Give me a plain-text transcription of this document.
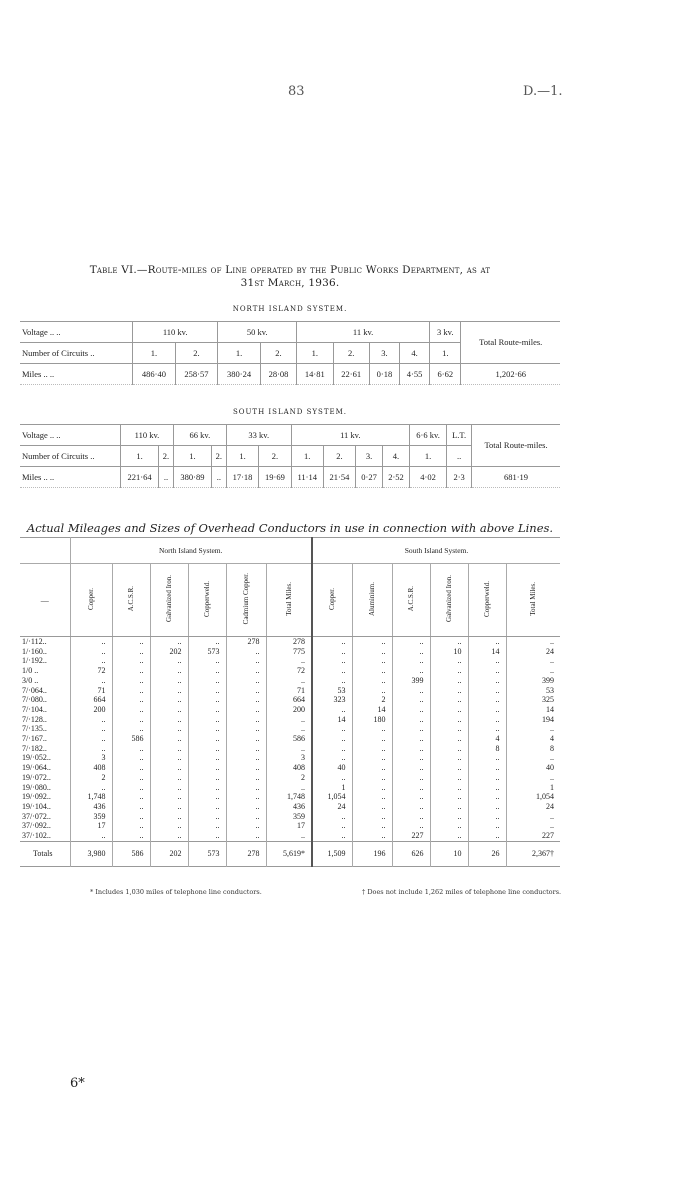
83	D.—1.
Table VI.—Route-miles of Line operated by the Public Works Department, as at
31st March, 1936.
NORTH ISLAND SYSTEM.
Voltage .. ..	110 kv.		50 kv.		11 kv.				3 kv.	Total Route-miles.
Number of Circuits ..	1.	2.	1.	2.	1.	2.	3.	4.	1.	
Miles .. ..	486·40	258·57	380·24	28·08	14·81	22·61	0·18	4·55	6·62	1,202·66
SOUTH ISLAND SYSTEM.
Voltage .. ..	110 kv.		66 kv.		33 kv.		11 kv.				6·6 kv.	L.T.	Total Route-miles.
Number of Circuits ..	1.	2.	1.	2.	1.	2.	1.	2.	3.	4.	1.	..	
Miles .. ..	221·64	..	380·89	..	17·18	19·69	11·14	21·54	0·27	2·52	4·02	2·3	681·19
Actual Mileages and Sizes of Overhead Conductors in use in connection with above Lines.
	North Island System.						South Island System.					
—	Copper.	A.C.S.R.	Galvanized Iron.	Copperweld.	Cadmium Copper.	Total Miles.	Copper.	Aluminium.	A.C.S.R.	Galvanized Iron.	Copperweld.	Total Miles.
1/·112..	..	..	..	..	278	278	..	..	..	..	..	..
1/·160..	..	..	202	573	..	775	..	..	..	10	14	24
1/·192..	..	..	..	..	..	..	..	..	..	..	..	..
1/0 ..	72	..	..	..	..	72	..	..	..	..	..	..
3/0 ..	..	..	..	..	..	..	..	..	399	..	..	399
7/·064..	71	..	..	..	..	71	53	..	..	..	..	53
7/·080..	664	..	..	..	..	664	323	2	..	..	..	325
7/·104..	200	..	..	..	..	200	..	14	..	..	..	14
7/·128..	..	..	..	..	..	..	14	180	..	..	..	194
7/·135..	..	..	..	..	..	..	..	..	..	..	..	..
7/·167..	..	586	..	..	..	586	..	..	..	..	4	4
7/·182..	..	..	..	..	..	..	..	..	..	..	8	8
19/·052..	3	..	..	..	..	3	..	..	..	..	..	..
19/·064..	408	..	..	..	..	408	40	..	..	..	..	40
19/·072..	2	..	..	..	..	2	..	..	..	..	..	..
19/·080..	..	..	..	..	..	..	1	..	..	..	..	1
19/·092..	1,748	..	..	..	..	1,748	1,054	..	..	..	..	1,054
19/·104..	436	..	..	..	..	436	24	..	..	..	..	24
37/·072..	359	..	..	..	..	359	..	..	..	..	..	..
37/·092..	17	..	..	..	..	17	..	..	..	..	..	..
37/·102..	..	..	..	..	..	..	..	..	227	..	..	227
Totals	3,980	586	202	573	278	5,619*	1,509	196	626	10	26	2,367†
* Includes 1,030 miles of telephone line conductors.	† Does not include 1,262 miles of telephone line conductors.
6*
